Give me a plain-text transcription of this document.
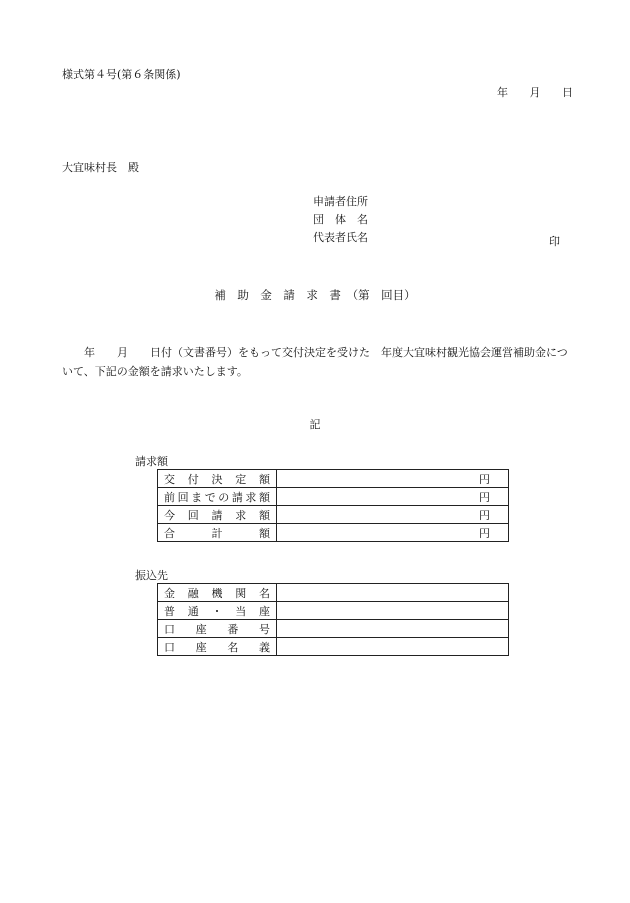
様式第４号(第６条関係)
年 月 日
大宜味村長　殿
申請者住所
団　体　名
代表者氏名	印
補　助　金　請　求　書　（第　回目）
　　年　　月　　日付（文書番号）をもって交付決定を受けた　年度大宜味村観光協会運営補助金について、下記の金額を請求いたします。
記
請求額
交付決定額	円
前回までの請求額	円
今回請求額	円
合計額	円
振込先
金融機関名	
普通・当座	
口座番号	
口座名義	
